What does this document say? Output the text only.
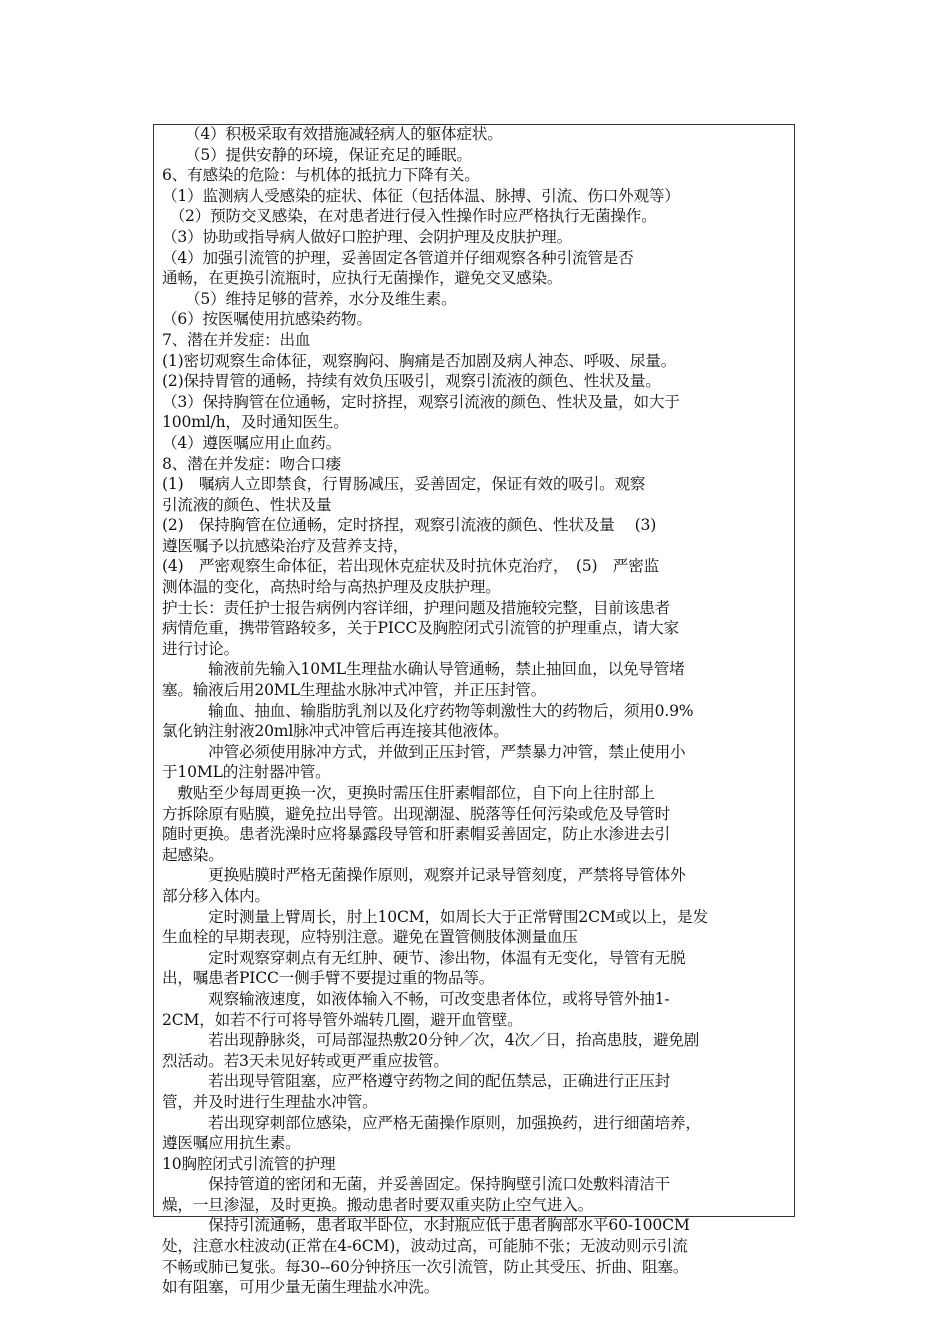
　　（4）积极采取有效措施减轻病人的躯体症状。
　　（5）提供安静的环境，保证充足的睡眠。
6、有感染的危险：与机体的抵抗力下降有关。
（1）监测病人受感染的症状、体征（包括体温、脉搏、引流、伤口外观等）
　（2）预防交叉感染，在对患者进行侵入性操作时应严格执行无菌操作。
（3）协助或指导病人做好口腔护理、会阴护理及皮肤护理。
（4）加强引流管的护理，妥善固定各管道并仔细观察各种引流管是否
通畅，在更换引流瓶时，应执行无菌操作，避免交叉感染。
　　（5）维持足够的营养，水分及维生素。
（6）按医嘱使用抗感染药物。
7、潜在并发症：出血
(1)密切观察生命体征，观察胸闷、胸痛是否加剧及病人神态、呼吸、尿量。
(2)保持胃管的通畅，持续有效负压吸引，观察引流液的颜色、性状及量。
（3）保持胸管在位通畅，定时挤捏，观察引流液的颜色、性状及量，如大于
100ml/h，及时通知医生。
（4）遵医嘱应用止血药。
8、潜在并发症：吻合口瘘
(1)　嘱病人立即禁食，行胃肠减压，妥善固定，保证有效的吸引。观察
引流液的颜色、性状及量
(2)　保持胸管在位通畅，定时挤捏，观察引流液的颜色、性状及量　 (3)
遵医嘱予以抗感染治疗及营养支持，
(4)　严密观察生命体征，若出现休克症状及时抗休克治疗，　(5)　严密监
测体温的变化，高热时给与高热护理及皮肤护理。
护士长：责任护士报告病例内容详细，护理问题及措施较完整，目前该患者
病情危重，携带管路较多，关于PICC及胸腔闭式引流管的护理重点，请大家
进行讨论。
　　　输液前先输入10ML生理盐水确认导管通畅，禁止抽回血，以免导管堵
塞。输液后用20ML生理盐水脉冲式冲管，并正压封管。
　　　输血、抽血、输脂肪乳剂以及化疗药物等刺激性大的药物后，须用0.9%
氯化钠注射液20ml脉冲式冲管后再连接其他液体。
　　　冲管必须使用脉冲方式，并做到正压封管，严禁暴力冲管，禁止使用小
于10ML的注射器冲管。
　敷贴至少每周更换一次，更换时需压住肝素帽部位，自下向上往肘部上
方拆除原有贴膜，避免拉出导管。出现潮湿、脱落等任何污染或危及导管时
随时更换。患者洗澡时应将暴露段导管和肝素帽妥善固定，防止水渗进去引
起感染。
　　　更换贴膜时严格无菌操作原则，观察并记录导管刻度，严禁将导管体外
部分移入体内。
　　　定时测量上臂周长，肘上10CM，如周长大于正常臂围2CM或以上，是发
生血栓的早期表现，应特别注意。避免在置管侧肢体测量血压
　　　定时观察穿刺点有无红肿、硬节、渗出物，体温有无变化，导管有无脱
出，嘱患者PICC一侧手臂不要提过重的物品等。
　　　观察输液速度，如液体输入不畅，可改变患者体位，或将导管外抽1-
2CM，如若不行可将导管外端转几圈，避开血管壁。
　　　若出现静脉炎，可局部湿热敷20分钟／次，4次／日，抬高患肢，避免剧
烈活动。若3天未见好转或更严重应拔管。
　　　若出现导管阻塞，应严格遵守药物之间的配伍禁忌，正确进行正压封
管，并及时进行生理盐水冲管。
　　　若出现穿刺部位感染，应严格无菌操作原则，加强换药，进行细菌培养，
遵医嘱应用抗生素。
10胸腔闭式引流管的护理
　　　保持管道的密闭和无菌，并妥善固定。保持胸壁引流口处敷料清洁干
燥，一旦渗湿，及时更换。搬动患者时要双重夹防止空气进入。
　　　保持引流通畅，患者取半卧位，水封瓶应低于患者胸部水平60-100CM
处，注意水柱波动(正常在4-6CM)，波动过高，可能肺不张；无波动则示引流
不畅或肺已复张。每30--60分钟挤压一次引流管，防止其受压、折曲、阻塞。
如有阻塞，可用少量无菌生理盐水冲洗。
